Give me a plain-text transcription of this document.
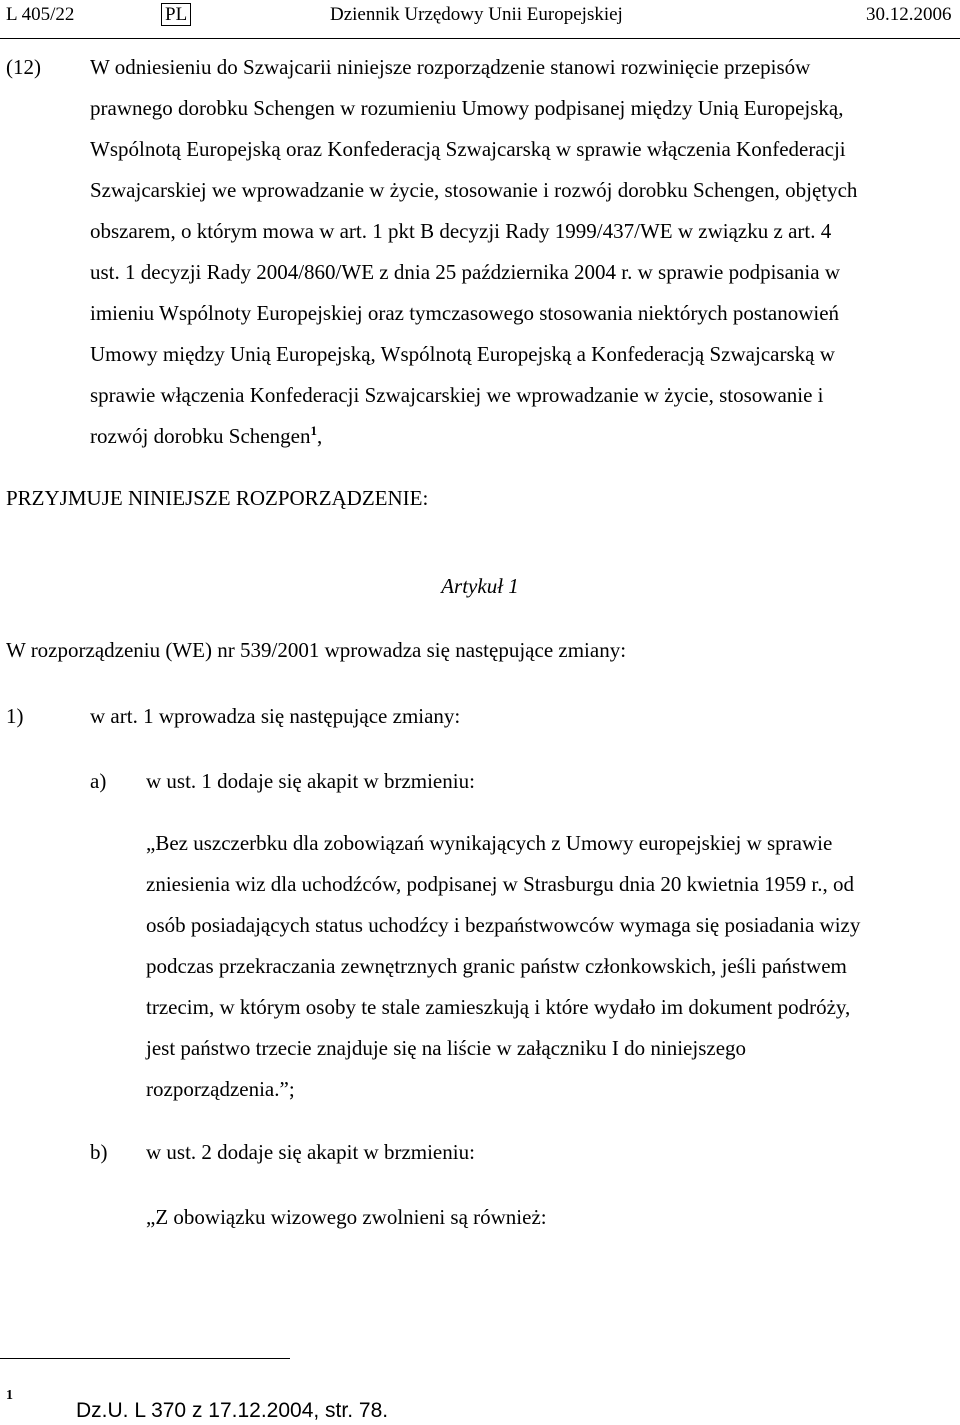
L 405/22	PL	Dziennik Urzędowy Unii Europejskiej	30.12.2006
(12) W odniesieniu do Szwajcarii niniejsze rozporządzenie stanowi rozwinięcie przepisów
prawnego dorobku Schengen w rozumieniu Umowy podpisanej między Unią Europejską,
Wspólnotą Europejską oraz Konfederacją Szwajcarską w sprawie włączenia Konfederacji
Szwajcarskiej we wprowadzanie w życie, stosowanie i rozwój dorobku Schengen, objętych
obszarem, o którym mowa w art. 1 pkt B decyzji Rady 1999/437/WE w związku z art. 4
ust. 1 decyzji Rady 2004/860/WE z dnia 25 października 2004 r. w sprawie podpisania w
imieniu Wspólnoty Europejskiej oraz tymczasowego stosowania niektórych postanowień
Umowy między Unią Europejską, Wspólnotą Europejską a Konfederacją Szwajcarską w
sprawie włączenia Konfederacji Szwajcarskiej we wprowadzanie w życie, stosowanie i
rozwój dorobku Schengen$^1$,
PRZYJMUJE NINIEJSZE ROZPORZĄDZENIE:
Artykuł 1
W rozporządzeniu (WE) nr 539/2001 wprowadza się następujące zmiany:
1)	w art. 1 wprowadza się następujące zmiany:
a) w ust. 1 dodaje się akapit w brzmieniu:
„Bez uszczerbku dla zobowiązań wynikających z Umowy europejskiej w sprawie
zniesienia wiz dla uchodźców, podpisanej w Strasburgu dnia 20 kwietnia 1959 r., od
osób posiadających status uchodźcy i bezpaństwowców wymaga się posiadania wizy
podczas przekraczania zewnętrznych granic państw członkowskich, jeśli państwem
trzecim, w którym osoby te stale zamieszkują i które wydało im dokument podróży,
jest państwo trzecie znajduje się na liście w załączniku I do niniejszego
rozporządzenia.”;
b) w ust. 2 dodaje się akapit w brzmieniu:
„Z obowiązku wizowego zwolnieni są również:
1
Dz.U. L 370 z 17.12.2004, str. 78.
